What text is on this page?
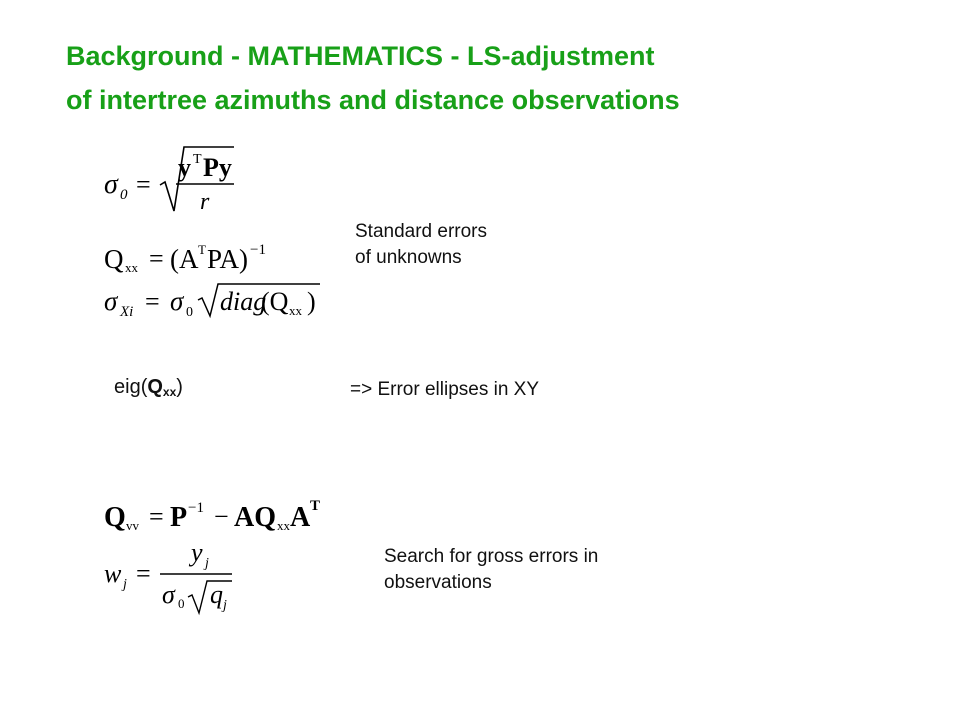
Background - MATHEMATICS - LS-adjustment
of intertree azimuths and distance observations
σ 0 =
y T Py
r
Q xx = (A T PA) −1
σ Xi = σ 0 diag
(Q xx )
Standard errors
of unknowns
$eig(Q_{xx})$	=> Error ellipses in XY
Q vv = P −1 − AQ xx A T
w j =
y j
σ 0 q j
Search for gross errors in
observations
